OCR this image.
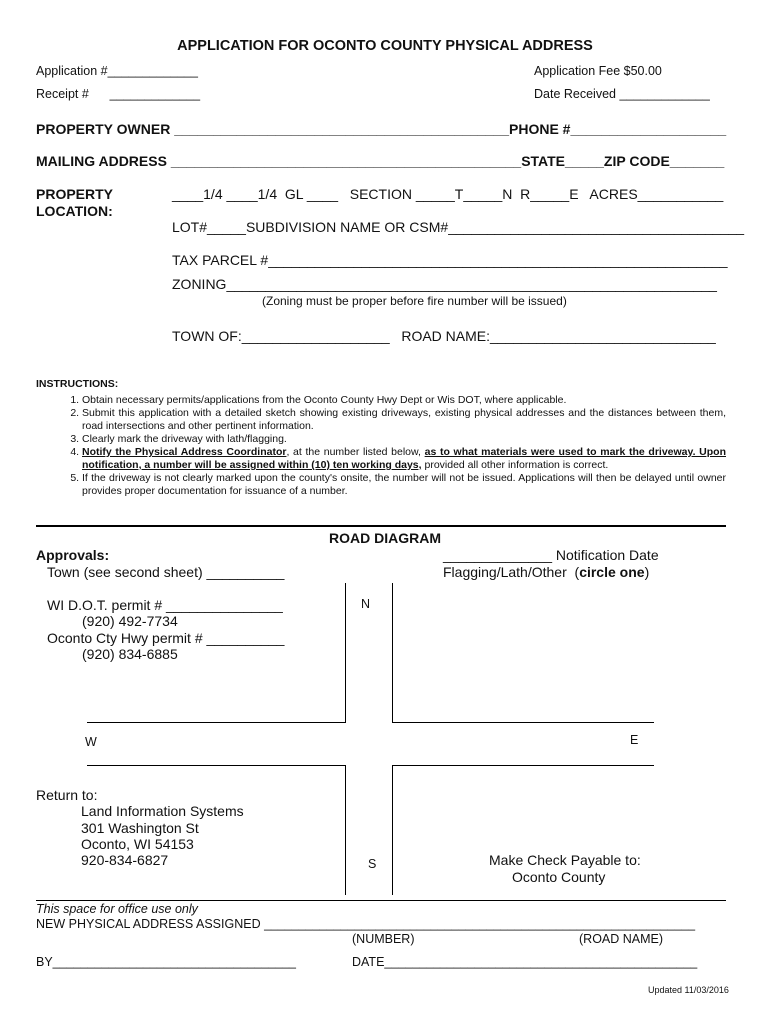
APPLICATION FOR OCONTO COUNTY PHYSICAL ADDRESS
Application #_____________	Application Fee $50.00
Receipt #      _____________	Date Received _____________
PROPERTY OWNER ___________________________________________PHONE #____________________
MAILING ADDRESS _____________________________________________STATE_____ZIP CODE_______
PROPERTY
LOCATION:
____1/4 ____1/4  GL ____   SECTION _____T_____N  R_____E   ACRES___________
LOT#_____SUBDIVISION NAME OR CSM#______________________________________
TAX PARCEL #___________________________________________________________
ZONING_______________________________________________________________
(Zoning must be proper before fire number will be issued)
TOWN OF:___________________   ROAD NAME:_____________________________
INSTRUCTIONS:
1. Obtain necessary permits/applications from the Oconto County Hwy Dept or Wis DOT, where applicable.
2. Submit this application with a detailed sketch showing existing driveways, existing physical addresses and the distances between them, road intersections and other pertinent information.
3. Clearly mark the driveway with lath/flagging.
4. Notify the Physical Address Coordinator, at the number listed below, as to what materials were used to mark the driveway. Upon notification, a number will be assigned within (10) ten working days, provided all other information is correct.
5. If the driveway is not clearly marked upon the county's onsite, the number will not be issued. Applications will then be delayed until owner provides proper documentation for issuance of a number.
ROAD DIAGRAM
Approvals:
Town (see second sheet) __________
______________ Notification Date
Flagging/Lath/Other  (circle one)
WI D.O.T. permit # _______________
(920) 492-7734
Oconto Cty Hwy permit # __________
(920) 834-6885
N
W	E
S
Return to:
Land Information Systems
301 Washington St
Oconto, WI 54153
920-834-6827	Make Check Payable to:
Oconto County
This space for office use only
NEW PHYSICAL ADDRESS ASSIGNED ______________________________________________________________
(NUMBER)	(ROAD NAME)
BY___________________________________	DATE_____________________________________________
Updated 11/03/2016
